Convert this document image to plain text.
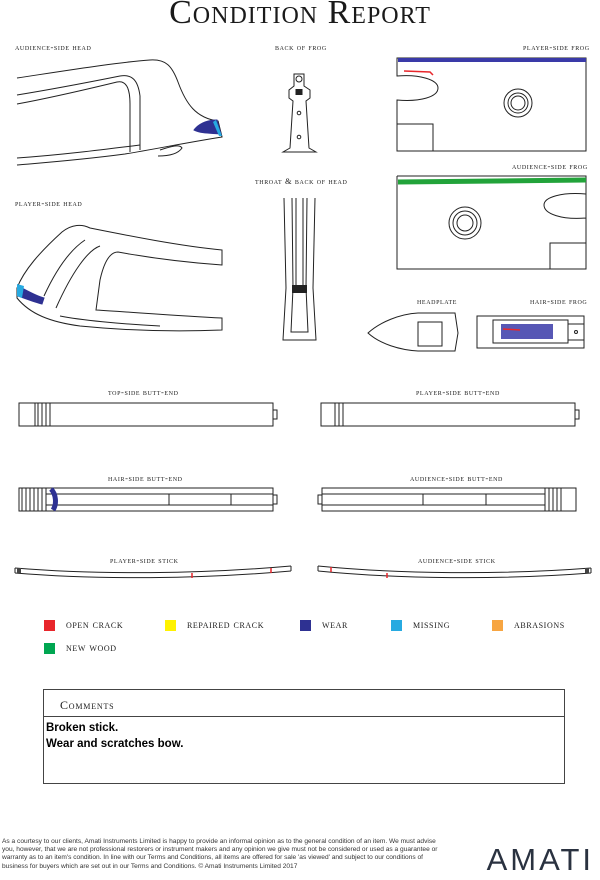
Condition Report
audience-side head	back of frog	player-side frog
audience-side frog
throat & back of head
player-side head
headplate	hair-side frog
top-side butt-end	player-side butt-end
hair-side butt-end	audience-side butt-end
player-side stick	audience-side stick
open crack	repaired crack	wear	missing	abrasions
new wood
Comments
Broken stick.
Wear and scratches bow.
As a courtesy to our clients, Amati Instruments Limited is happy to provide an informal opinion as to the general condition of an item. We must advise you, however, that we are not professional restorers or instrument makers and any opinion we give must not be considered or used as a guarantee or warranty as to an item's condition. In line with our Terms and Conditions, all items are offered for sale 'as viewed' and subject to our conditions of business for buyers which are set out in our Terms and Conditions. © Amati Instruments Limited 2017	AMATI
